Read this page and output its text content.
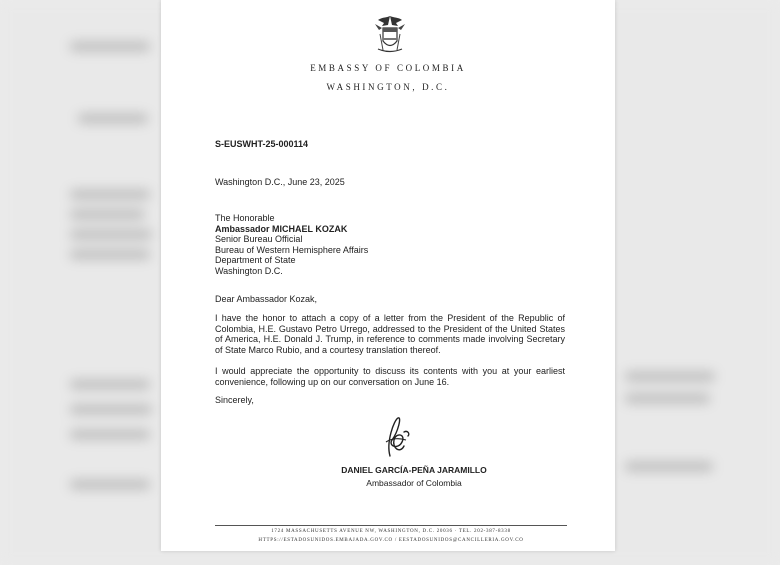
EMBASSY OF COLOMBIA
WASHINGTON, D.C.
S-EUSWHT-25-000114
Washington D.C., June 23, 2025
The Honorable
Ambassador MICHAEL KOZAK
Senior Bureau Official
Bureau of Western Hemisphere Affairs
Department of State
Washington D.C.
Dear Ambassador Kozak,
I have the honor to attach a copy of a letter from the President of the Republic of Colombia, H.E. Gustavo Petro Urrego, addressed to the President of the United States of America, H.E. Donald J. Trump, in reference to comments made involving Secretary of State Marco Rubio, and a courtesy translation thereof.
I would appreciate the opportunity to discuss its contents with you at your earliest convenience, following up on our conversation on June 16.
Sincerely,
DANIEL GARCÍA-PEÑA JARAMILLO
Ambassador of Colombia
1724 MASSACHUSETTS AVENUE NW, WASHINGTON, D.C. 20036 · TEL. 202-387-8338
HTTPS://ESTADOSUNIDOS.EMBAJADA.GOV.CO / EESTADOSUNIDOS@CANCILLERIA.GOV.CO
